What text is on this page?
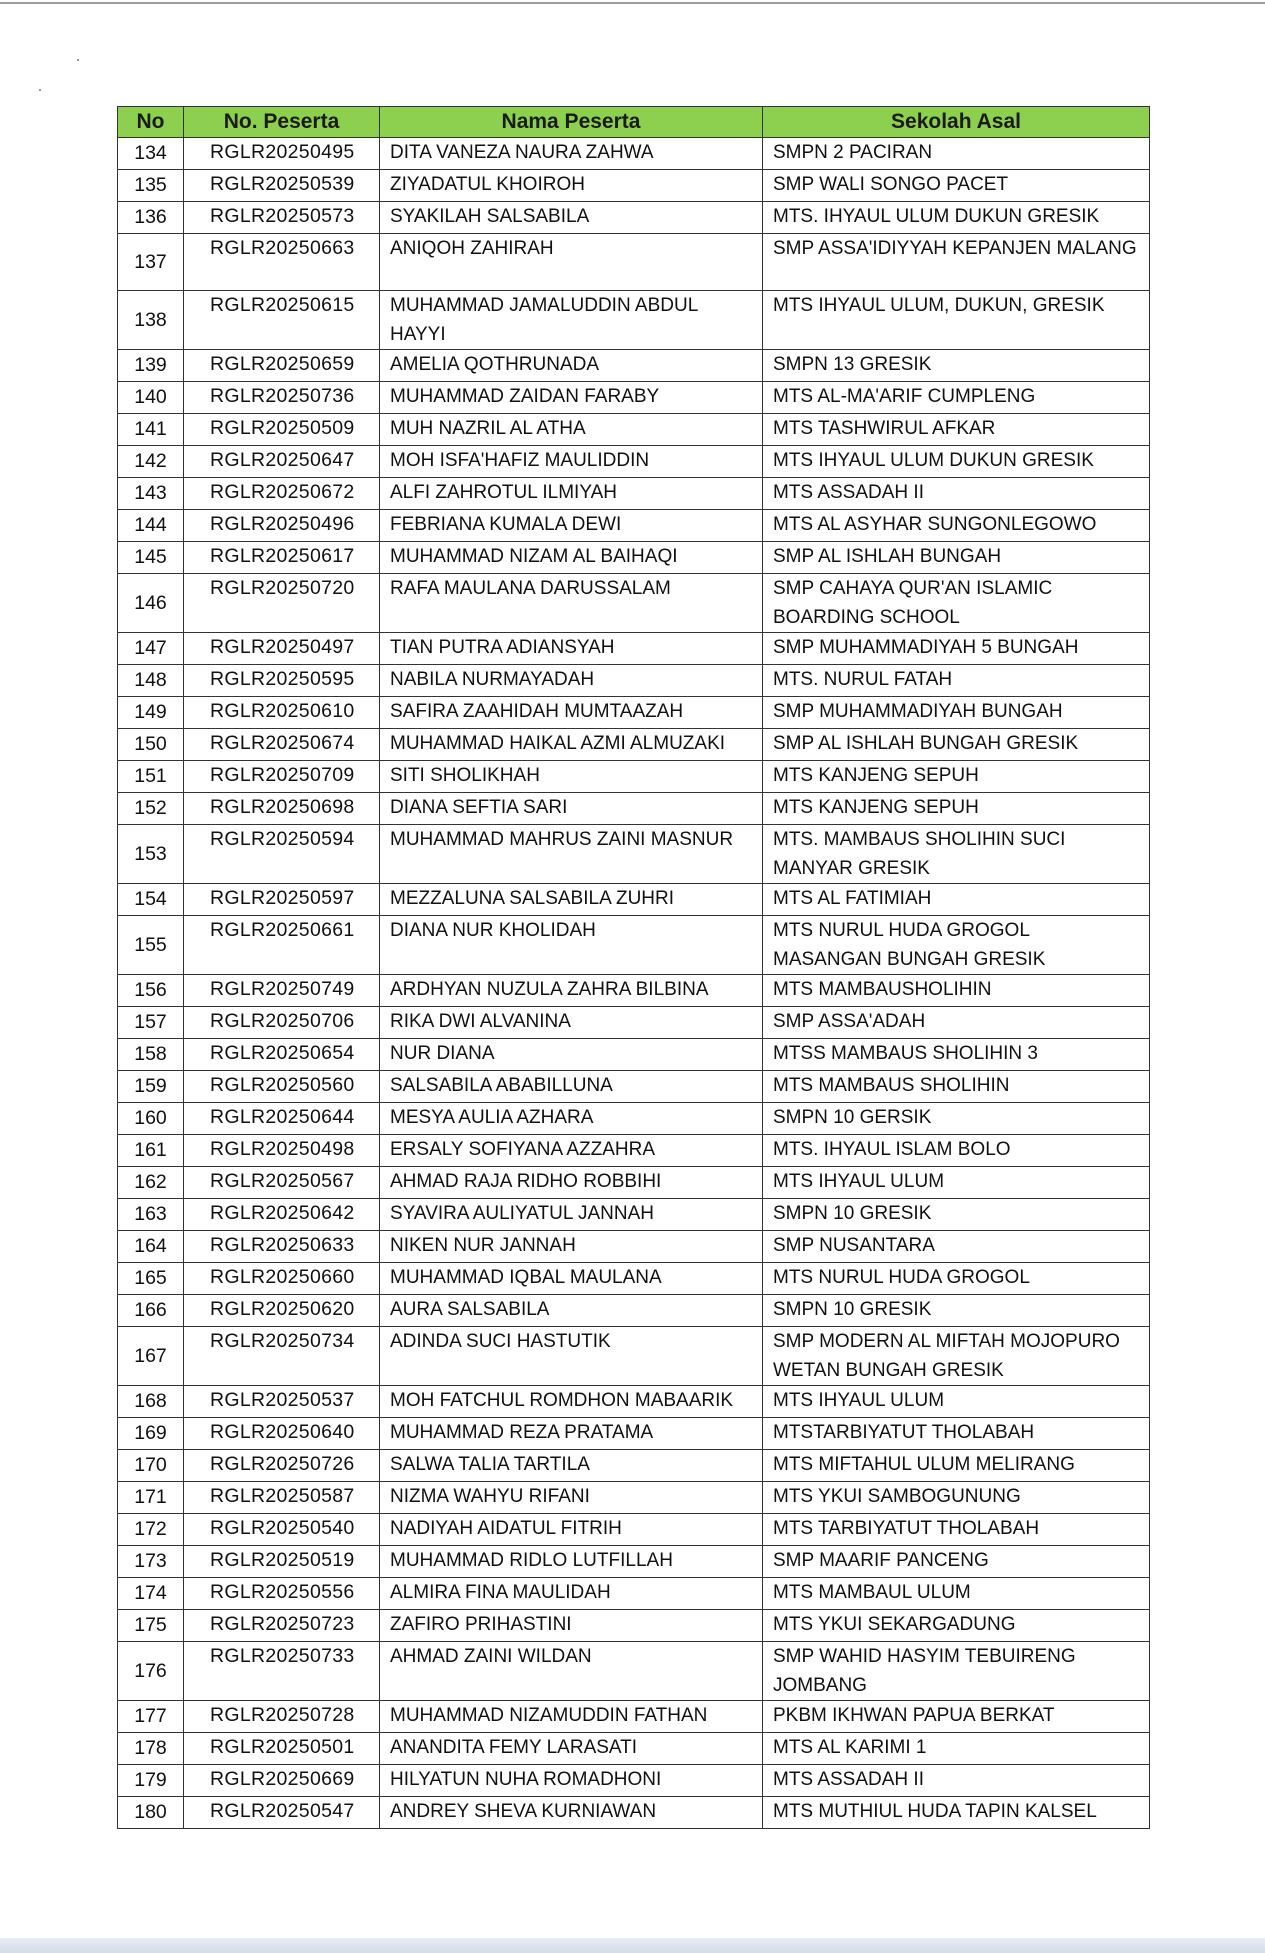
No	No. Peserta	Nama Peserta	Sekolah Asal
134	RGLR20250495	DITA VANEZA NAURA ZAHWA	SMPN 2 PACIRAN
135	RGLR20250539	ZIYADATUL KHOIROH	SMP WALI SONGO PACET
136	RGLR20250573	SYAKILAH SALSABILA	MTS. IHYAUL ULUM DUKUN GRESIK
137	RGLR20250663	ANIQOH ZAHIRAH	SMP ASSA'IDIYYAH KEPANJEN MALANG
138	RGLR20250615	MUHAMMAD JAMALUDDIN ABDUL HAYYI	MTS IHYAUL ULUM, DUKUN, GRESIK
139	RGLR20250659	AMELIA QOTHRUNADA	SMPN 13 GRESIK
140	RGLR20250736	MUHAMMAD ZAIDAN FARABY	MTS AL-MA'ARIF CUMPLENG
141	RGLR20250509	MUH NAZRIL AL ATHA	MTS TASHWIRUL AFKAR
142	RGLR20250647	MOH ISFA'HAFIZ MAULIDDIN	MTS IHYAUL ULUM DUKUN GRESIK
143	RGLR20250672	ALFI ZAHROTUL ILMIYAH	MTS ASSADAH II
144	RGLR20250496	FEBRIANA KUMALA DEWI	MTS AL ASYHAR SUNGONLEGOWO
145	RGLR20250617	MUHAMMAD NIZAM AL BAIHAQI	SMP AL ISHLAH BUNGAH
146	RGLR20250720	RAFA MAULANA DARUSSALAM	SMP CAHAYA QUR'AN ISLAMIC BOARDING SCHOOL
147	RGLR20250497	TIAN PUTRA ADIANSYAH	SMP MUHAMMADIYAH 5 BUNGAH
148	RGLR20250595	NABILA NURMAYADAH	MTS. NURUL FATAH
149	RGLR20250610	SAFIRA ZAAHIDAH MUMTAAZAH	SMP MUHAMMADIYAH BUNGAH
150	RGLR20250674	MUHAMMAD HAIKAL AZMI ALMUZAKI	SMP AL ISHLAH BUNGAH GRESIK
151	RGLR20250709	SITI SHOLIKHAH	MTS KANJENG SEPUH
152	RGLR20250698	DIANA SEFTIA SARI	MTS KANJENG SEPUH
153	RGLR20250594	MUHAMMAD MAHRUS ZAINI MASNUR	MTS. MAMBAUS SHOLIHIN SUCI MANYAR GRESIK
154	RGLR20250597	MEZZALUNA SALSABILA ZUHRI	MTS AL FATIMIAH
155	RGLR20250661	DIANA NUR KHOLIDAH	MTS NURUL HUDA GROGOL MASANGAN BUNGAH GRESIK
156	RGLR20250749	ARDHYAN NUZULA ZAHRA BILBINA	MTS MAMBAUSHOLIHIN
157	RGLR20250706	RIKA DWI ALVANINA	SMP ASSA'ADAH
158	RGLR20250654	NUR DIANA	MTSS MAMBAUS SHOLIHIN 3
159	RGLR20250560	SALSABILA ABABILLUNA	MTS MAMBAUS SHOLIHIN
160	RGLR20250644	MESYA AULIA AZHARA	SMPN 10 GERSIK
161	RGLR20250498	ERSALY SOFIYANA AZZAHRA	MTS. IHYAUL ISLAM BOLO
162	RGLR20250567	AHMAD RAJA RIDHO ROBBIHI	MTS IHYAUL ULUM
163	RGLR20250642	SYAVIRA AULIYATUL JANNAH	SMPN 10 GRESIK
164	RGLR20250633	NIKEN NUR JANNAH	SMP NUSANTARA
165	RGLR20250660	MUHAMMAD IQBAL MAULANA	MTS NURUL HUDA GROGOL
166	RGLR20250620	AURA SALSABILA	SMPN 10 GRESIK
167	RGLR20250734	ADINDA SUCI HASTUTIK	SMP MODERN AL MIFTAH MOJOPURO WETAN BUNGAH GRESIK
168	RGLR20250537	MOH FATCHUL ROMDHON MABAARIK	MTS IHYAUL ULUM
169	RGLR20250640	MUHAMMAD REZA PRATAMA	MTSTARBIYATUT THOLABAH
170	RGLR20250726	SALWA TALIA TARTILA	MTS MIFTAHUL ULUM MELIRANG
171	RGLR20250587	NIZMA WAHYU RIFANI	MTS YKUI SAMBOGUNUNG
172	RGLR20250540	NADIYAH AIDATUL FITRIH	MTS TARBIYATUT THOLABAH
173	RGLR20250519	MUHAMMAD RIDLO LUTFILLAH	SMP MAARIF PANCENG
174	RGLR20250556	ALMIRA FINA MAULIDAH	MTS MAMBAUL ULUM
175	RGLR20250723	ZAFIRO PRIHASTINI	MTS YKUI SEKARGADUNG
176	RGLR20250733	AHMAD ZAINI WILDAN	SMP WAHID HASYIM TEBUIRENG JOMBANG
177	RGLR20250728	MUHAMMAD NIZAMUDDIN FATHAN	PKBM IKHWAN PAPUA BERKAT
178	RGLR20250501	ANANDITA FEMY LARASATI	MTS AL KARIMI 1
179	RGLR20250669	HILYATUN NUHA ROMADHONI	MTS ASSADAH II
180	RGLR20250547	ANDREY SHEVA KURNIAWAN	MTS MUTHIUL HUDA TAPIN KALSEL
